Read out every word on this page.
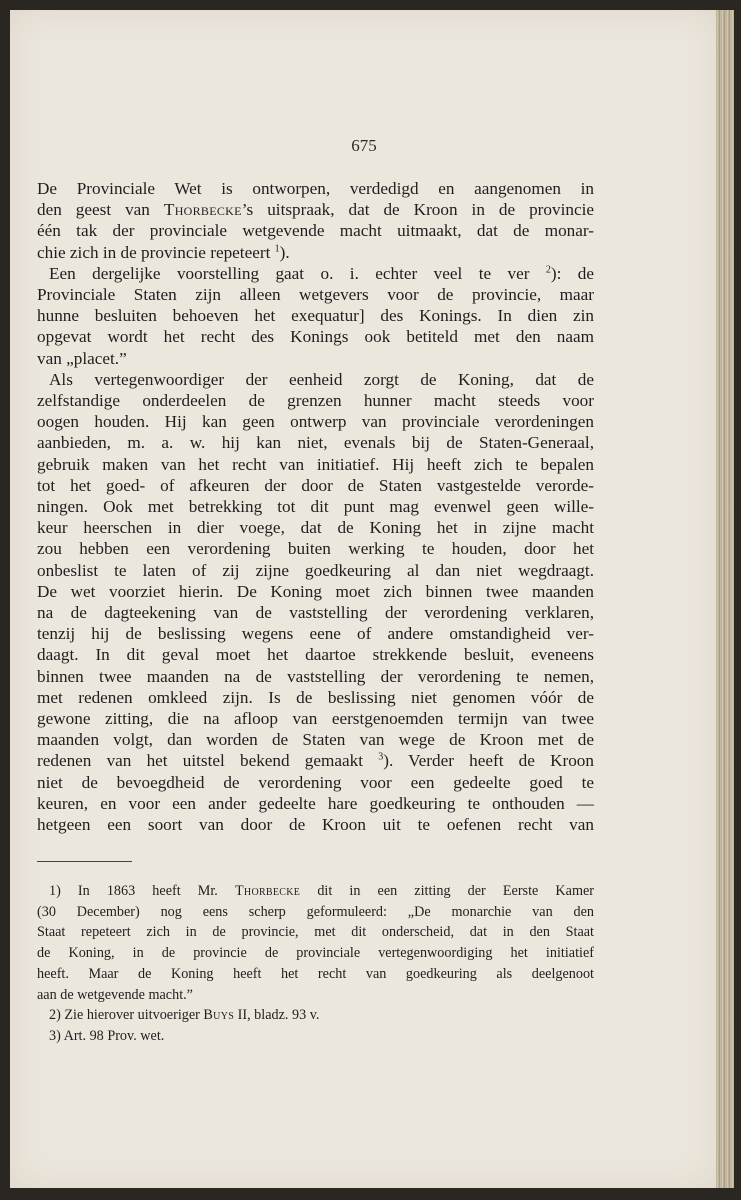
675
De Provinciale Wet is ontworpen, verdedigd en aangenomen in
den geest van Thorbecke’s uitspraak, dat de Kroon in de provincie
één tak der provinciale wetgevende macht uitmaakt, dat de monar-
chie zich in de provincie repeteert $^1$).
Een dergelijke voorstelling gaat o. i. echter veel te ver $^2$): de
Provinciale Staten zijn alleen wetgevers voor de provincie, maar
hunne besluiten behoeven het exequatur] des Konings. In dien zin
opgevat wordt het recht des Konings ook betiteld met den naam
van „placet.”
Als vertegenwoordiger der eenheid zorgt de Koning, dat de
zelfstandige onderdeelen de grenzen hunner macht steeds voor
oogen houden. Hij kan geen ontwerp van provinciale verordeningen
aanbieden, m. a. w. hij kan niet, evenals bij de Staten-Generaal,
gebruik maken van het recht van initiatief. Hij heeft zich te bepalen
tot het goed- of afkeuren der door de Staten vastgestelde verorde-
ningen. Ook met betrekking tot dit punt mag evenwel geen wille-
keur heerschen in dier voege, dat de Koning het in zijne macht
zou hebben een verordening buiten werking te houden, door het
onbeslist te laten of zij zijne goedkeuring al dan niet wegdraagt.
De wet voorziet hierin. De Koning moet zich binnen twee maanden
na de dagteekening van de vaststelling der verordening verklaren,
tenzij hij de beslissing wegens eene of andere omstandigheid ver-
daagt. In dit geval moet het daartoe strekkende besluit, eveneens
binnen twee maanden na de vaststelling der verordening te nemen,
met redenen omkleed zijn. Is de beslissing niet genomen vóór de
gewone zitting, die na afloop van eerstgenoemden termijn van twee
maanden volgt, dan worden de Staten van wege de Kroon met de
redenen van het uitstel bekend gemaakt $^3$). Verder heeft de Kroon
niet de bevoegdheid de verordening voor een gedeelte goed te
keuren, en voor een ander gedeelte hare goedkeuring te onthouden —
hetgeen een soort van door de Kroon uit te oefenen recht van
1) In 1863 heeft Mr. Thorbecke dit in een zitting der Eerste Kamer
(30 December) nog eens scherp geformuleerd: „De monarchie van den
Staat repeteert zich in de provincie, met dit onderscheid, dat in den Staat
de Koning, in de provincie de provinciale vertegenwoordiging het initiatief
heeft. Maar de Koning heeft het recht van goedkeuring als deelgenoot
aan de wetgevende macht.”
2) Zie hierover uitvoeriger Buys II, bladz. 93 v.
3) Art. 98 Prov. wet.
